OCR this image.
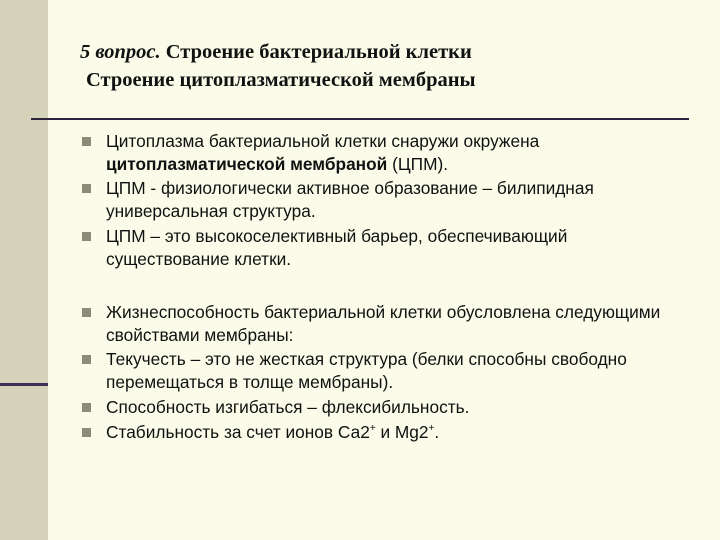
5 вопрос. Строение бактериальной клетки
Строение цитоплазматической мембраны
Цитоплазма бактериальной клетки снаружи окружена цитоплазматической мембраной (ЦПМ).
ЦПМ - физиологически активное образование – билипидная универсальная структура.
ЦПМ – это высокоселективный барьер, обеспечивающий существование клетки.
Жизнеспособность бактериальной клетки обусловлена следующими свойствами мембраны:
Текучесть – это не жесткая структура (белки способны свободно перемещаться в толще мембраны).
Способность изгибаться – флексибильность.
Стабильность за счет ионов Са2+ и Mg2+.
